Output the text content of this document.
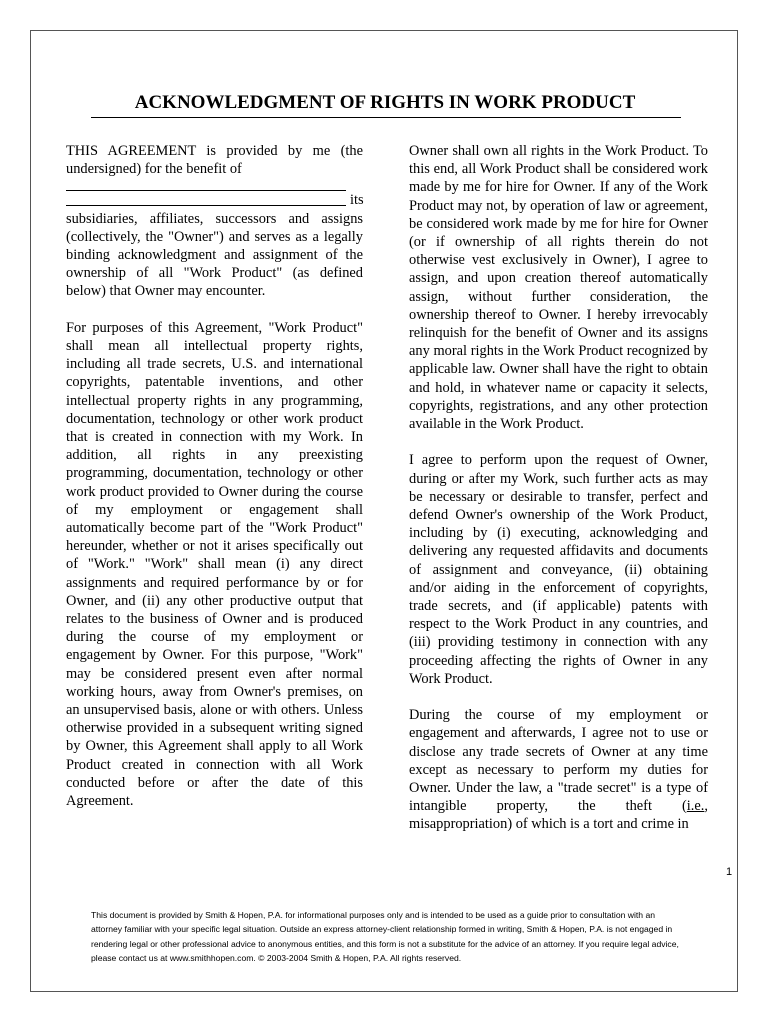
ACKNOWLEDGMENT OF RIGHTS IN WORK PRODUCT

THIS AGREEMENT is provided by me (the undersigned) for the benefit of
its
subsidiaries, affiliates, successors and assigns (collectively, the "Owner") and serves as a legally binding acknowledgment and assignment of the ownership of all "Work Product" (as defined below) that Owner may encounter.

For purposes of this Agreement, "Work Product" shall mean all intellectual property rights, including all trade secrets, U.S. and international copyrights, patentable inventions, and other intellectual property rights in any programming, documentation, technology or other work product that is created in connection with my Work. In addition, all rights in any preexisting programming, documentation, technology or other work product provided to Owner during the course of my employment or engagement shall automatically become part of the "Work Product" hereunder, whether or not it arises specifically out of "Work." "Work" shall mean (i) any direct assignments and required performance by or for Owner, and (ii) any other productive output that relates to the business of Owner and is produced during the course of my employment or engagement by Owner. For this purpose, "Work" may be considered present even after normal working hours, away from Owner's premises, on an unsupervised basis, alone or with others. Unless otherwise provided in a subsequent writing signed by Owner, this Agreement shall apply to all Work Product created in connection with all Work conducted before or after the date of this Agreement.

Owner shall own all rights in the Work Product. To this end, all Work Product shall be considered work made by me for hire for Owner. If any of the Work Product may not, by operation of law or agreement, be considered work made by me for hire for Owner (or if ownership of all rights therein do not otherwise vest exclusively in Owner), I agree to assign, and upon creation thereof automatically assign, without further consideration, the ownership thereof to Owner. I hereby irrevocably relinquish for the benefit of Owner and its assigns any moral rights in the Work Product recognized by applicable law. Owner shall have the right to obtain and hold, in whatever name or capacity it selects, copyrights, registrations, and any other protection available in the Work Product.

I agree to perform upon the request of Owner, during or after my Work, such further acts as may be necessary or desirable to transfer, perfect and defend Owner's ownership of the Work Product, including by (i) executing, acknowledging and delivering any requested affidavits and documents of assignment and conveyance, (ii) obtaining and/or aiding in the enforcement of copyrights, trade secrets, and (if applicable) patents with respect to the Work Product in any countries, and (iii) providing testimony in connection with any proceeding affecting the rights of Owner in any Work Product.

During the course of my employment or engagement and afterwards, I agree not to use or disclose any trade secrets of Owner at any time except as necessary to perform my duties for Owner. Under the law, a "trade secret" is a type of intangible property, the theft (i.e., misappropriation) of which is a tort and crime in

1
This document is provided by Smith & Hopen, P.A. for informational purposes only and is intended to be used as a guide prior to consultation with an attorney familiar with your specific legal situation. Outside an express attorney-client relationship formed in writing, Smith & Hopen, P.A. is not engaged in rendering legal or other professional advice to anonymous entities, and this form is not a substitute for the advice of an attorney. If you require legal advice, please contact us at www.smithhopen.com. © 2003-2004 Smith & Hopen, P.A. All rights reserved.
